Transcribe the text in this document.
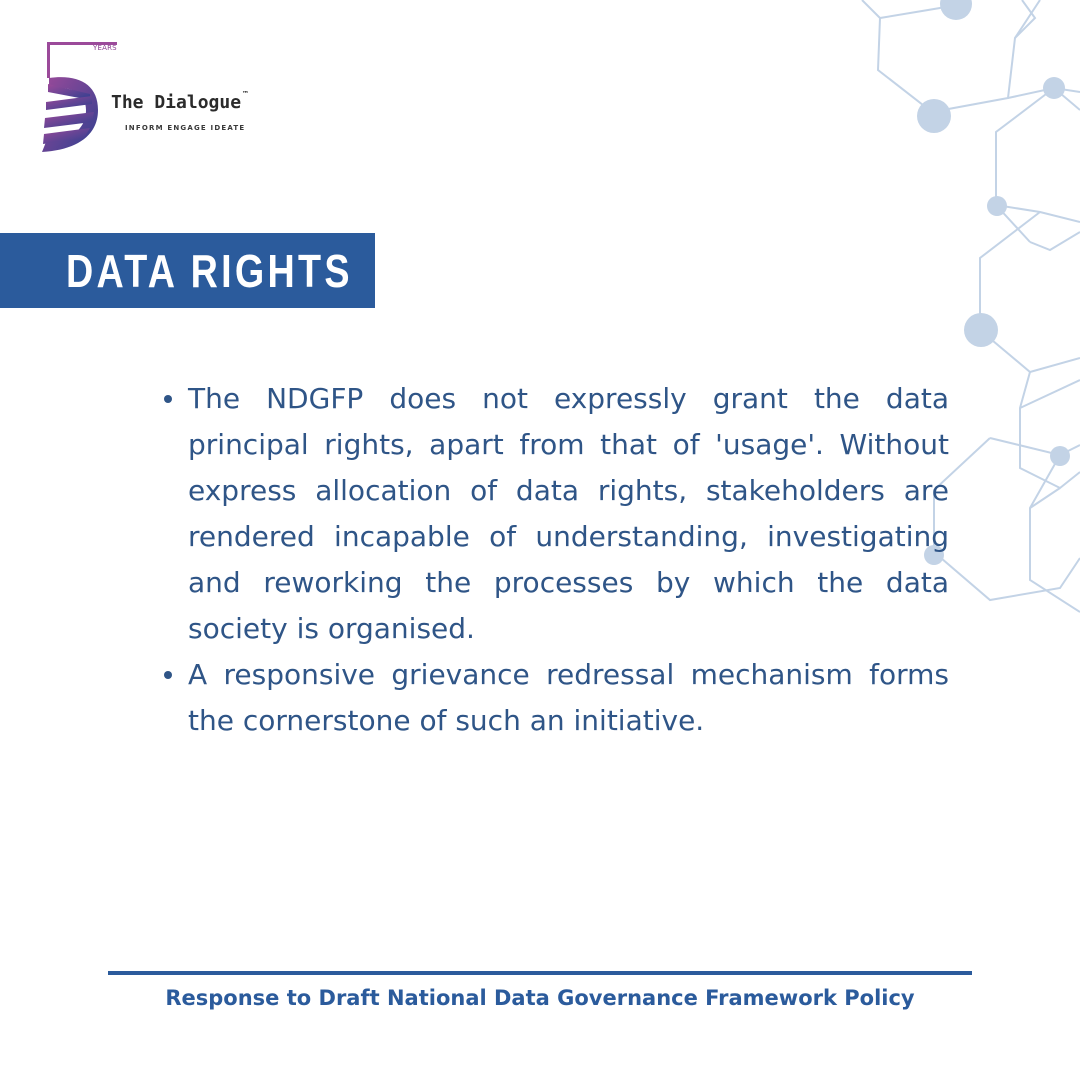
YEARS
The Dialogue™
INFORM ENGAGE IDEATE
DATA RIGHTS
The NDGFP does not expressly grant the data principal rights, apart from that of 'usage'. Without express allocation of data rights, stakeholders are rendered incapable of understanding, investigating and reworking the processes by which the data society is organised.
A responsive grievance redressal mechanism forms the cornerstone of such an initiative.
Response to Draft National Data Governance Framework Policy
